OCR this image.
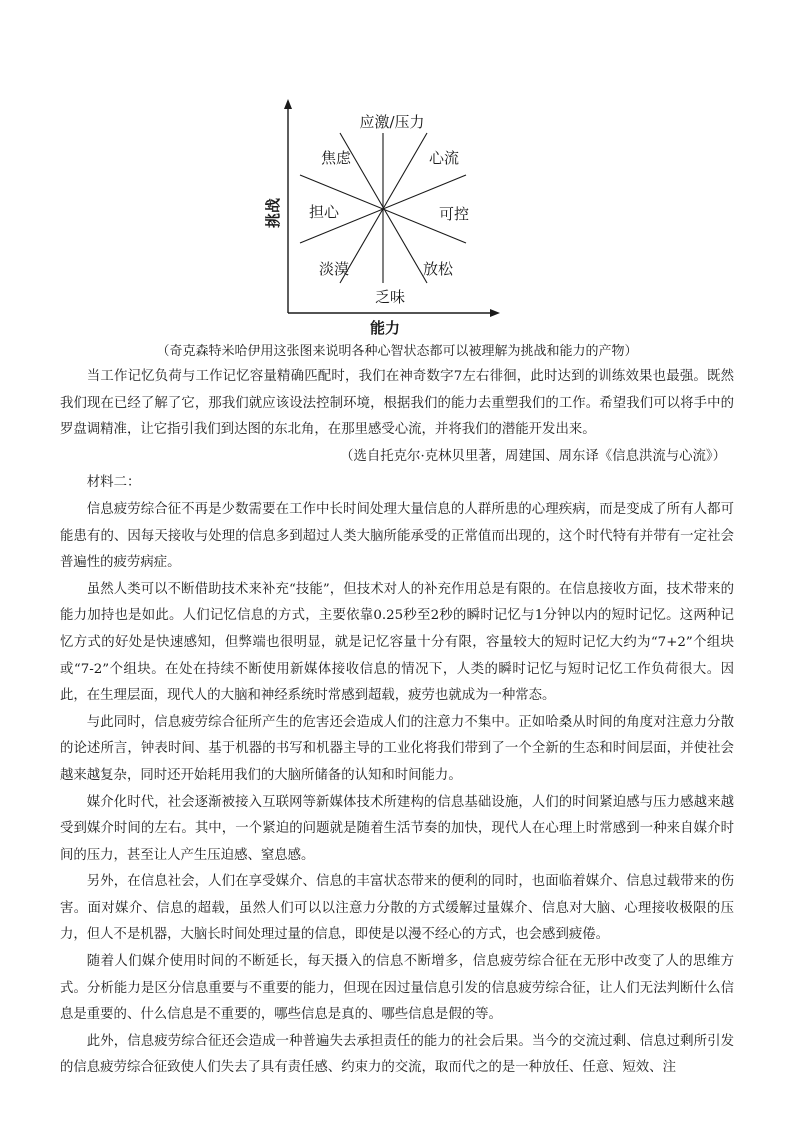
应激/压力
焦虑	心流
担心	可控
淡漠	放松
乏味
挑战
能力
（奇克森特米哈伊用这张图来说明各种心智状态都可以被理解为挑战和能力的产物）

当工作记忆负荷与工作记忆容量精确匹配时，我们在神奇数字7左右徘徊，此时达到的训练效果也最强。既然我们现在已经了解了它，那我们就应该设法控制环境，根据我们的能力去重塑我们的工作。希望我们可以将手中的罗盘调精准，让它指引我们到达图的东北角，在那里感受心流，并将我们的潜能开发出来。

（选自托克尔·克林贝里著，周建国、周东译《信息洪流与心流》）

材料二：

信息疲劳综合征不再是少数需要在工作中长时间处理大量信息的人群所患的心理疾病，而是变成了所有人都可能患有的、因每天接收与处理的信息多到超过人类大脑所能承受的正常值而出现的，这个时代特有并带有一定社会普遍性的疲劳病症。

虽然人类可以不断借助技术来补充“技能”，但技术对人的补充作用总是有限的。在信息接收方面，技术带来的能力加持也是如此。人们记忆信息的方式，主要依靠0.25秒至2秒的瞬时记忆与1分钟以内的短时记忆。这两种记忆方式的好处是快速感知，但弊端也很明显，就是记忆容量十分有限，容量较大的短时记忆大约为“7+2”个组块或“7-2”个组块。在处在持续不断使用新媒体接收信息的情况下，人类的瞬时记忆与短时记忆工作负荷很大。因此，在生理层面，现代人的大脑和神经系统时常感到超载，疲劳也就成为一种常态。

与此同时，信息疲劳综合征所产生的危害还会造成人们的注意力不集中。正如哈桑从时间的角度对注意力分散的论述所言，钟表时间、基于机器的书写和机器主导的工业化将我们带到了一个全新的生态和时间层面，并使社会越来越复杂，同时还开始耗用我们的大脑所储备的认知和时间能力。

媒介化时代，社会逐渐被接入互联网等新媒体技术所建构的信息基础设施，人们的时间紧迫感与压力感越来越受到媒介时间的左右。其中，一个紧迫的问题就是随着生活节奏的加快，现代人在心理上时常感到一种来自媒介时间的压力，甚至让人产生压迫感、窒息感。

另外，在信息社会，人们在享受媒介、信息的丰富状态带来的便利的同时，也面临着媒介、信息过载带来的伤害。面对媒介、信息的超载，虽然人们可以以注意力分散的方式缓解过量媒介、信息对大脑、心理接收极限的压力，但人不是机器，大脑长时间处理过量的信息，即使是以漫不经心的方式，也会感到疲倦。

随着人们媒介使用时间的不断延长，每天摄入的信息不断增多，信息疲劳综合征在无形中改变了人的思维方式。分析能力是区分信息重要与不重要的能力，但现在因过量信息引发的信息疲劳综合征，让人们无法判断什么信息是重要的、什么信息是不重要的，哪些信息是真的、哪些信息是假的等。

此外，信息疲劳综合征还会造成一种普遍失去承担责任的能力的社会后果。当今的交流过剩、信息过剩所引发的信息疲劳综合征致使人们失去了具有责任感、约束力的交流，取而代之的是一种放任、任意、短效、注
